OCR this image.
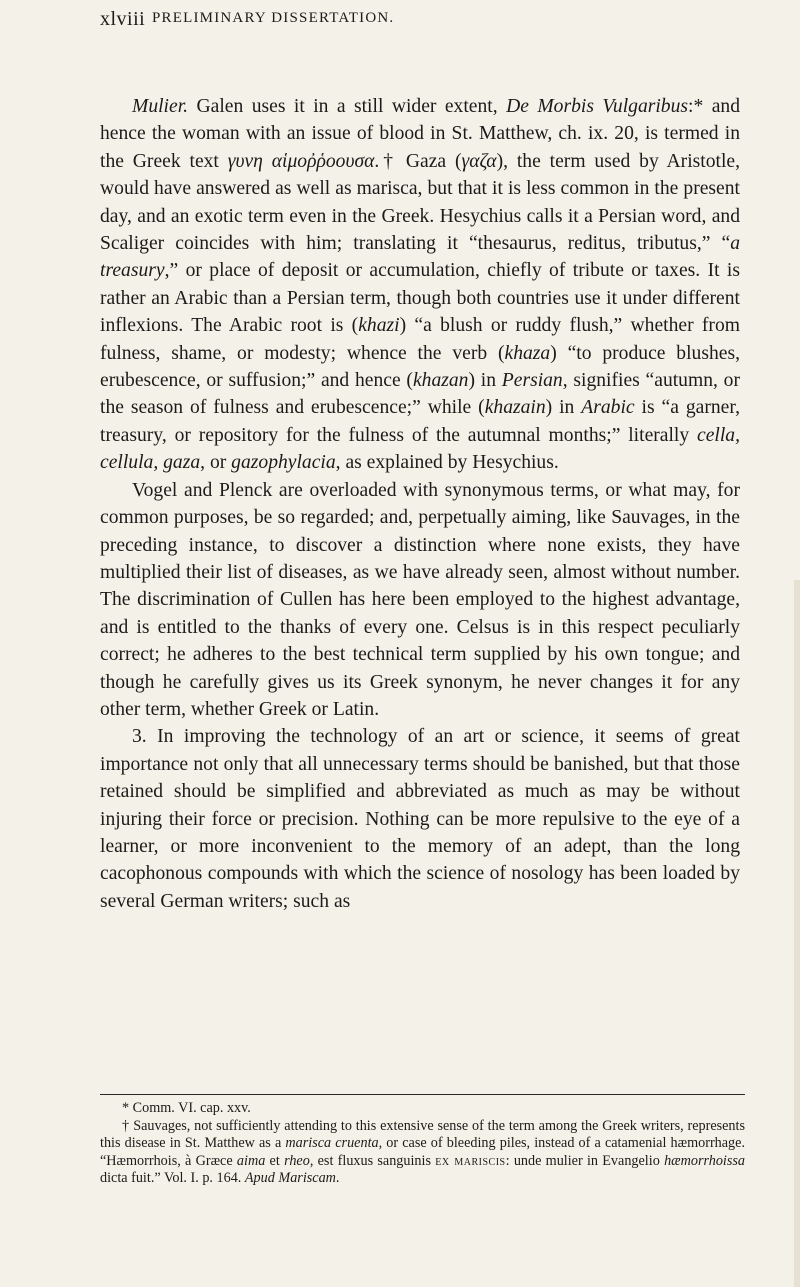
xlviii PRELIMINARY DISSERTATION.

Mulier. Galen uses it in a still wider extent, De Morbis Vulgaribus:* and hence the woman with an issue of blood in St. Matthew, ch. ix. 20, is termed in the Greek text γυνη αἱμοῤῥοουσα.† Gaza (γαζα), the term used by Aristotle, would have answered as well as marisca, but that it is less common in the present day, and an exotic term even in the Greek. Hesychius calls it a Persian word, and Scaliger coincides with him; translating it “thesaurus, reditus, tributus,” “a treasury,” or place of deposit or accumulation, chiefly of tribute or taxes. It is rather an Arabic than a Persian term, though both countries use it under different inflexions. The Arabic root is (khazi) “a blush or ruddy flush,” whether from fulness, shame, or modesty; whence the verb (khaza) “to produce blushes, erubescence, or suffusion;” and hence (khazan) in Persian, signifies “autumn, or the season of fulness and erubescence;” while (khazain) in Arabic is “a garner, treasury, or repository for the fulness of the autumnal months;” literally cella, cellula, gaza, or gazophylacia, as explained by Hesychius.

Vogel and Plenck are overloaded with synonymous terms, or what may, for common purposes, be so regarded; and, perpetually aiming, like Sauvages, in the preceding instance, to discover a distinction where none exists, they have multiplied their list of diseases, as we have already seen, almost without number. The discrimination of Cullen has here been employed to the highest advantage, and is entitled to the thanks of every one. Celsus is in this respect peculiarly correct; he adheres to the best technical term supplied by his own tongue; and though he carefully gives us its Greek synonym, he never changes it for any other term, whether Greek or Latin.

3. In improving the technology of an art or science, it seems of great importance not only that all unnecessary terms should be banished, but that those retained should be simplified and abbreviated as much as may be without injuring their force or precision. Nothing can be more repulsive to the eye of a learner, or more inconvenient to the memory of an adept, than the long cacophonous compounds with which the science of nosology has been loaded by several German writers; such as

* Comm. VI. cap. xxv.

† Sauvages, not sufficiently attending to this extensive sense of the term among the Greek writers, represents this disease in St. Matthew as a marisca cruenta, or case of bleeding piles, instead of a catamenial hæmorrhage. “Hæmorrhois, à Græce aima et rheo, est fluxus sanguinis ex mariscis: unde mulier in Evangelio hæmorrhoissa dicta fuit.” Vol. I. p. 164. Apud Mariscam.
